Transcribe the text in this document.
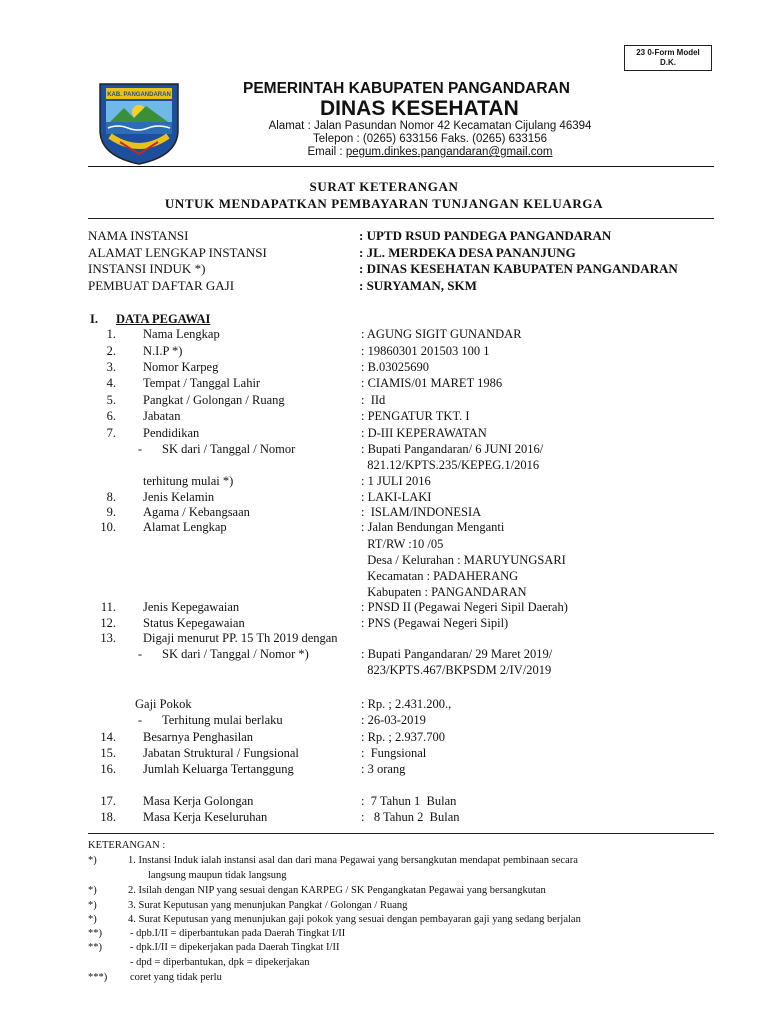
23 0-Form Model
D.K.
KAB. PANGANDARAN	PEMERINTAH KABUPATEN PANGANDARAN
DINAS KESEHATAN
Alamat : Jalan Pasundan Nomor 42 Kecamatan Cijulang 46394
Telepon : (0265) 633156 Faks. (0265) 633156
Email : pegum.dinkes.pangandaran@gmail.com
SURAT KETERANGAN
UNTUK MENDAPATKAN PEMBAYARAN TUNJANGAN KELUARGA
NAMA INSTANSI	: UPTD RSUD PANDEGA PANGANDARAN
ALAMAT LENGKAP INSTANSI	: JL. MERDEKA DESA PANANJUNG
INSTANSI INDUK *)	: DINAS KESEHATAN KABUPATEN PANGANDARAN
PEMBUAT DAFTAR GAJI	: SURYAMAN, SKM
I. DATA PEGAWAI
1. Nama Lengkap	: AGUNG SIGIT GUNANDAR
2. N.I.P *)	: 19860301 201503 100 1
3. Nomor Karpeg	: B.03025690
4. Tempat / Tanggal Lahir	: CIAMIS/01 MARET 1986
5. Pangkat / Golongan / Ruang	:  IId
6. Jabatan	: PENGATUR TKT. I
7. Pendidikan	: D-III KEPERAWATAN
- SK dari / Tanggal / Nomor	: Bupati Pangandaran/ 6 JUNI 2016/
821.12/KPTS.235/KEPEG.1/2016
terhitung mulai *)	: 1 JULI 2016
8. Jenis Kelamin	: LAKI-LAKI
9. Agama / Kebangsaan	:  ISLAM/INDONESIA
10. Alamat Lengkap	: Jalan Bendungan Menganti
RT/RW :10 /05
Desa / Kelurahan : MARUYUNGSARI
Kecamatan : PADAHERANG
Kabupaten : PANGANDARAN
11. Jenis Kepegawaian	: PNSD II (Pegawai Negeri Sipil Daerah)
12. Status Kepegawaian	: PNS (Pegawai Negeri Sipil)
13. Digaji menurut PP. 15 Th 2019 dengan
- SK dari / Tanggal / Nomor *)	: Bupati Pangandaran/ 29 Maret 2019/
823/KPTS.467/BKPSDM 2/IV/2019
Gaji Pokok	: Rp. ; 2.431.200.,
- Terhitung mulai berlaku	: 26-03-2019
14. Besarnya Penghasilan	: Rp. ; 2.937.700
15. Jabatan Struktural / Fungsional	:  Fungsional
16. Jumlah Keluarga Tertanggung	: 3 orang
17. Masa Kerja Golongan	:  7 Tahun 1  Bulan
18. Masa Kerja Keseluruhan	:   8 Tahun 2  Bulan
KETERANGAN :
*)	1. Instansi Induk ialah instansi asal dan dari mana Pegawai yang bersangkutan mendapat pembinaan secara
langsung maupun tidak langsung
*)	2. Isilah dengan NIP yang sesuai dengan KARPEG / SK Pengangkatan Pegawai yang bersangkutan
*)	3. Surat Keputusan yang menunjukan Pangkat / Golongan / Ruang
*)	4. Surat Keputusan yang menunjukan gaji pokok yang sesuai dengan pembayaran gaji yang sedang berjalan
**)	- dpb.I/II = diperbantukan pada Daerah Tingkat I/II
**)	- dpk.I/II = dipekerjakan pada Daerah Tingkat I/II
- dpd = diperbantukan, dpk = dipekerjakan
***) coret yang tidak perlu
